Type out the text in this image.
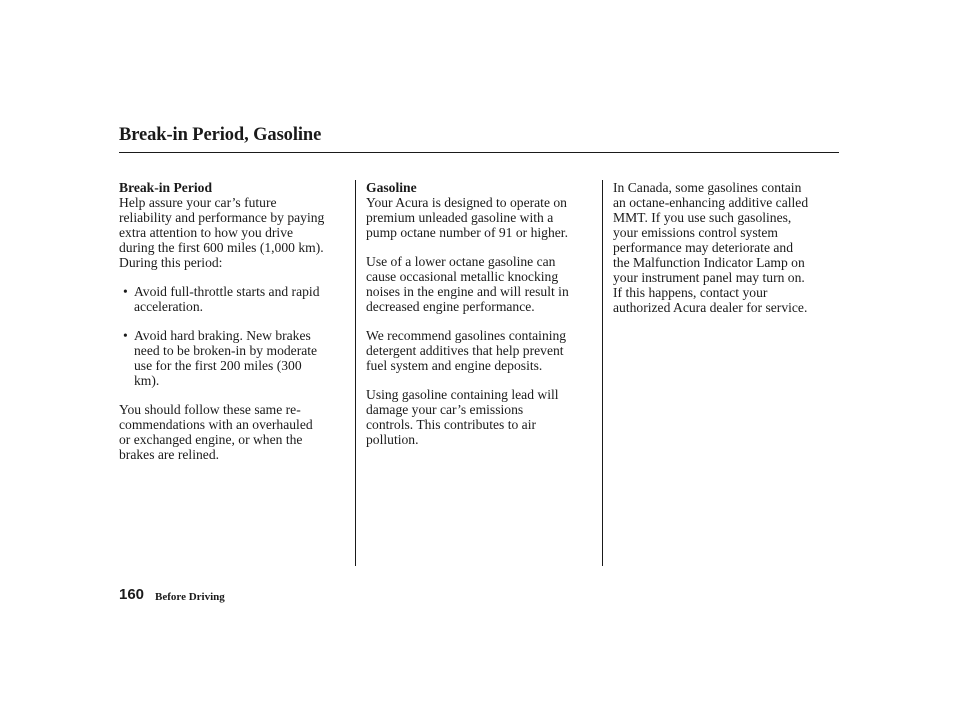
Break-in Period, Gasoline
Break-in Period

Help assure your car’s future
reliability and performance by paying
extra attention to how you drive
during the first 600 miles (1,000 km).
During this period:

• Avoid full-throttle starts and rapid
acceleration.

• Avoid hard braking. New brakes
need to be broken-in by moderate
use for the first 200 miles (300
km).

You should follow these same re-
commendations with an overhauled
or exchanged engine, or when the
brakes are relined.

Gasoline

Your Acura is designed to operate on
premium unleaded gasoline with a
pump octane number of 91 or higher.

Use of a lower octane gasoline can
cause occasional metallic knocking
noises in the engine and will result in
decreased engine performance.

We recommend gasolines containing
detergent additives that help prevent
fuel system and engine deposits.

Using gasoline containing lead will
damage your car’s emissions
controls. This contributes to air
pollution.

In Canada, some gasolines contain
an octane-enhancing additive called
MMT. If you use such gasolines,
your emissions control system
performance may deteriorate and
the Malfunction Indicator Lamp on
your instrument panel may turn on.
If this happens, contact your
authorized Acura dealer for service.

160 Before Driving
